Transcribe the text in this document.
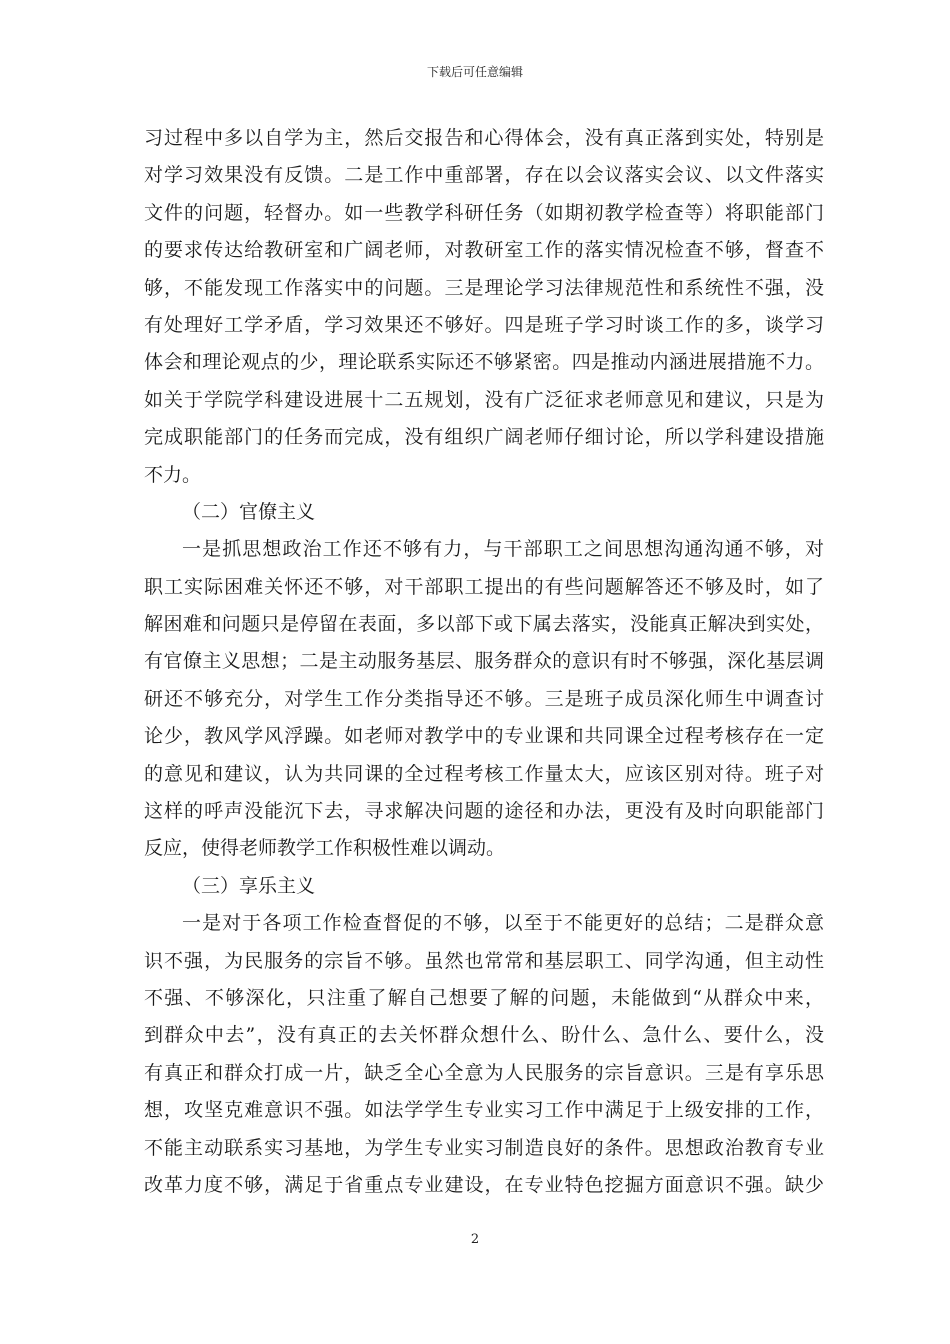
下载后可任意编辑
习过程中多以自学为主，然后交报告和心得体会，没有真正落到实处，特别是
对学习效果没有反馈。二是工作中重部署，存在以会议落实会议、以文件落实
文件的问题，轻督办。如一些教学科研任务（如期初教学检查等）将职能部门
的要求传达给教研室和广阔老师，对教研室工作的落实情况检查不够，督查不
够，不能发现工作落实中的问题。三是理论学习法律规范性和系统性不强，没
有处理好工学矛盾，学习效果还不够好。四是班子学习时谈工作的多，谈学习
体会和理论观点的少，理论联系实际还不够紧密。四是推动内涵进展措施不力。
如关于学院学科建设进展十二五规划，没有广泛征求老师意见和建议，只是为
完成职能部门的任务而完成，没有组织广阔老师仔细讨论，所以学科建设措施
不力。
（二）官僚主义
一是抓思想政治工作还不够有力，与干部职工之间思想沟通沟通不够，对
职工实际困难关怀还不够，对干部职工提出的有些问题解答还不够及时，如了
解困难和问题只是停留在表面，多以部下或下属去落实，没能真正解决到实处，
有官僚主义思想；二是主动服务基层、服务群众的意识有时不够强，深化基层调
研还不够充分，对学生工作分类指导还不够。三是班子成员深化师生中调查讨
论少，教风学风浮躁。如老师对教学中的专业课和共同课全过程考核存在一定
的意见和建议，认为共同课的全过程考核工作量太大，应该区别对待。班子对
这样的呼声没能沉下去，寻求解决问题的途径和办法，更没有及时向职能部门
反应，使得老师教学工作积极性难以调动。
（三）享乐主义
一是对于各项工作检查督促的不够，以至于不能更好的总结；二是群众意
识不强，为民服务的宗旨不够。虽然也常常和基层职工、同学沟通，但主动性
不强、不够深化，只注重了解自己想要了解的问题，未能做到“从群众中来，
到群众中去”，没有真正的去关怀群众想什么、盼什么、急什么、要什么，没
有真正和群众打成一片，缺乏全心全意为人民服务的宗旨意识。三是有享乐思
想，攻坚克难意识不强。如法学学生专业实习工作中满足于上级安排的工作，
不能主动联系实习基地，为学生专业实习制造良好的条件。思想政治教育专业
改革力度不够，满足于省重点专业建设，在专业特色挖掘方面意识不强。缺少
2
